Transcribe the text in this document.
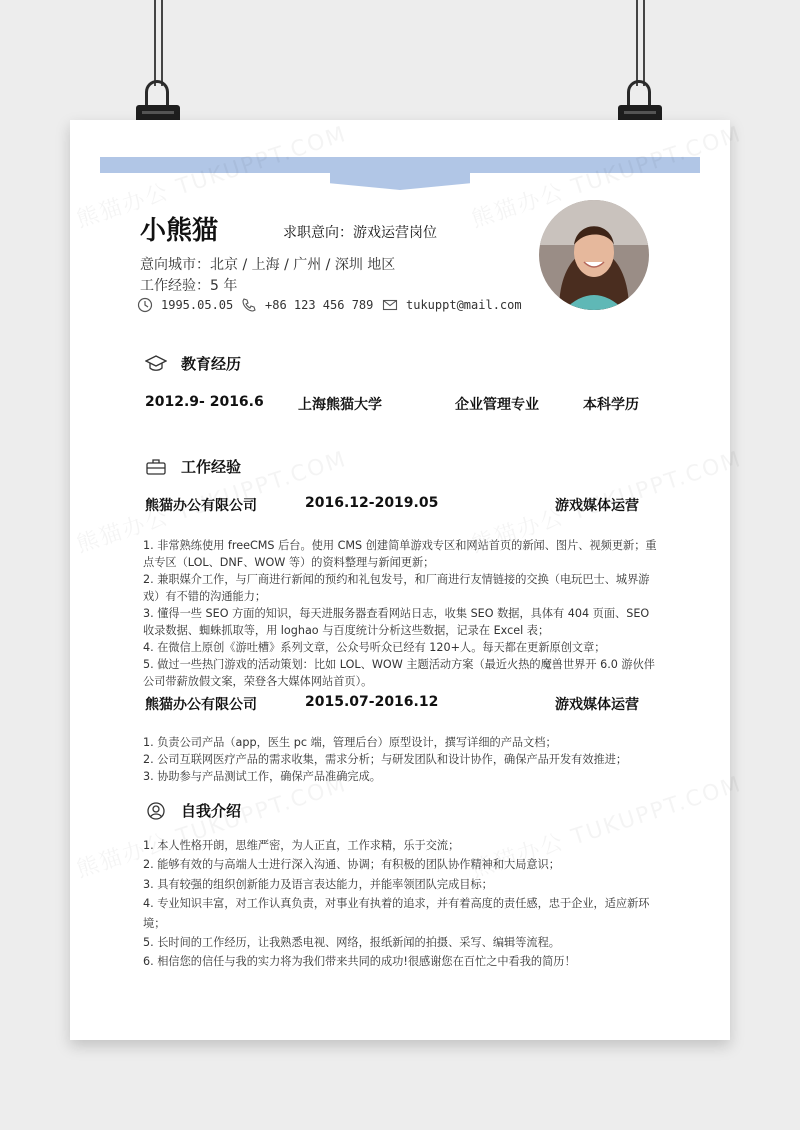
小熊猫	求职意向：游戏运营岗位
意向城市：北京 / 上海 / 广州 / 深圳 地区
工作经验：5 年
1995.05.05	+86 123 456 789	tukuppt@mail.com
教育经历
2012.9- 2016.6 上海熊猫大学	企业管理专业	本科学历
工作经验
熊猫办公有限公司	2016.12-2019.05	游戏媒体运营
1. 非常熟练使用 freeCMS 后台。使用 CMS 创建简单游戏专区和网站首页的新闻、图片、视频更新；重点专区（LOL、DNF、WOW 等）的资料整理与新闻更新；
2. 兼职媒介工作，与厂商进行新闻的预约和礼包发号，和厂商进行友情链接的交换（电玩巴士、城界游戏）有不错的沟通能力；
3. 懂得一些 SEO 方面的知识，每天进服务器查看网站日志，收集 SEO 数据，具体有 404 页面、SEO 收录数据、蜘蛛抓取等，用 loghao 与百度统计分析这些数据，记录在 Excel 表；
4. 在微信上原创《游吐槽》系列文章，公众号听众已经有 120+人。每天都在更新原创文章；
5. 做过一些热门游戏的活动策划：比如 LOL、WOW 主题活动方案（最近火热的魔兽世界开 6.0 游伙伴公司带薪放假文案，荣登各大媒体网站首页）。
熊猫办公有限公司	2015.07-2016.12	游戏媒体运营
1. 负责公司产品（app，医生 pc 端，管理后台）原型设计，撰写详细的产品文档；
2. 公司互联网医疗产品的需求收集，需求分析；与研发团队和设计协作，确保产品开发有效推进；
3. 协助参与产品测试工作，确保产品准确完成。
自我介绍
1. 本人性格开朗，思维严密，为人正直，工作求精，乐于交流；
2. 能够有效的与高端人士进行深入沟通、协调；有积极的团队协作精神和大局意识；
3. 具有较强的组织创新能力及语言表达能力，并能率领团队完成目标；
4. 专业知识丰富，对工作认真负责，对事业有执着的追求，并有着高度的责任感，忠于企业，适应新环境；
5. 长时间的工作经历，让我熟悉电视、网络，报纸新闻的拍摄、采写、编辑等流程。
6. 相信您的信任与我的实力将为我们带来共同的成功!很感谢您在百忙之中看我的简历！
